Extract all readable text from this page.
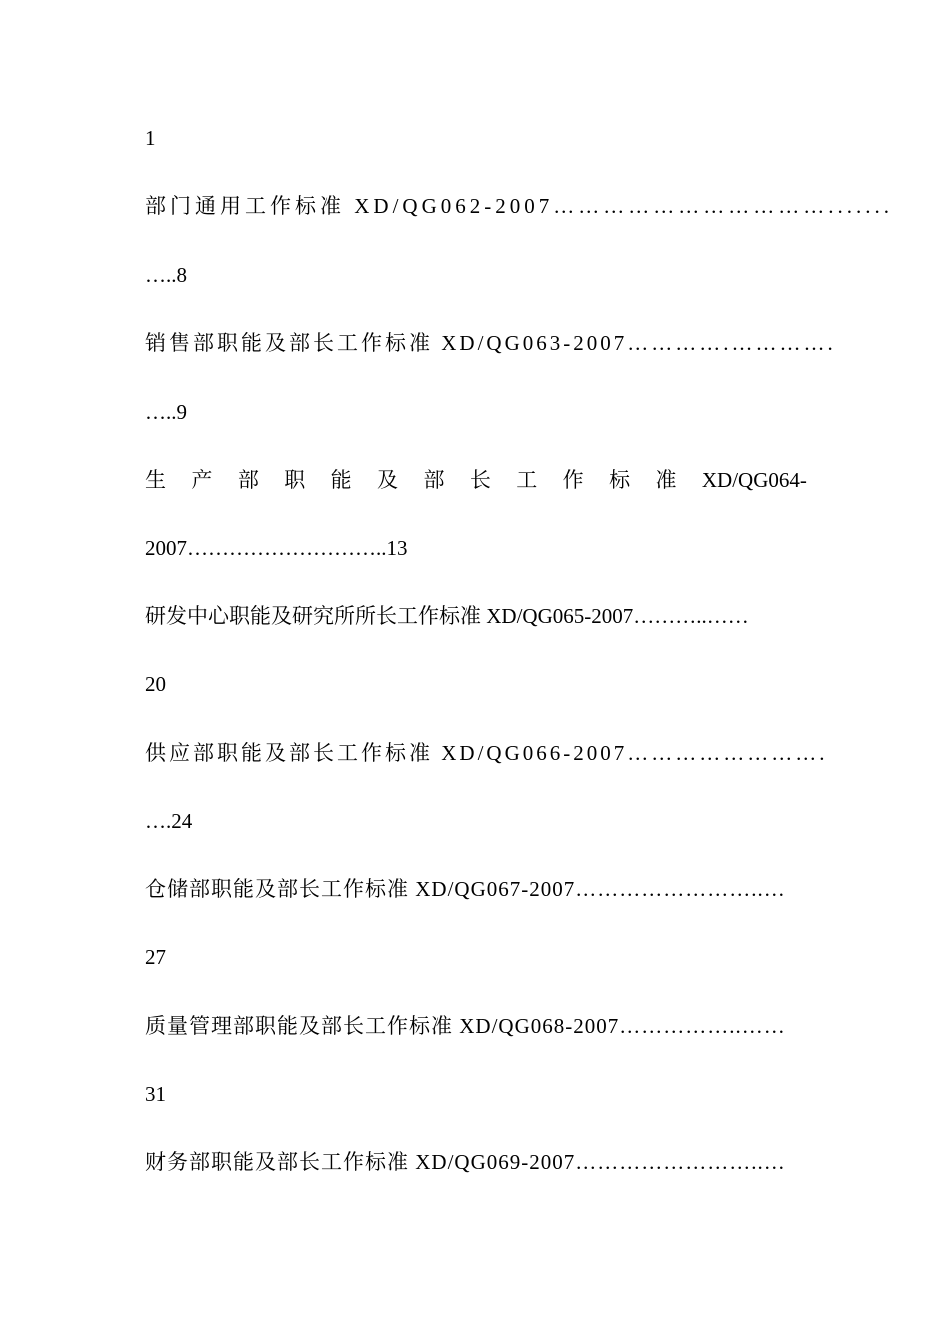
1
部门通用工作标准 XD/QG062-2007…………………………….......
…..8
销售部职能及部长工作标准 XD/QG063-2007………….………….
…..9
生 产 部 职 能 及 部 长 工 作 标 准 XD/QG064-
2007………………………..13
研发中心职能及研究所所长工作标准 XD/QG065-2007………..……
20
供应部职能及部长工作标准 XD/QG066-2007…………………….
….24
仓储部职能及部长工作标准 XD/QG067-2007……………………..…
27
质量管理部职能及部长工作标准 XD/QG068-2007……………..……
31
财务部职能及部长工作标准 XD/QG069-2007……………………..…
